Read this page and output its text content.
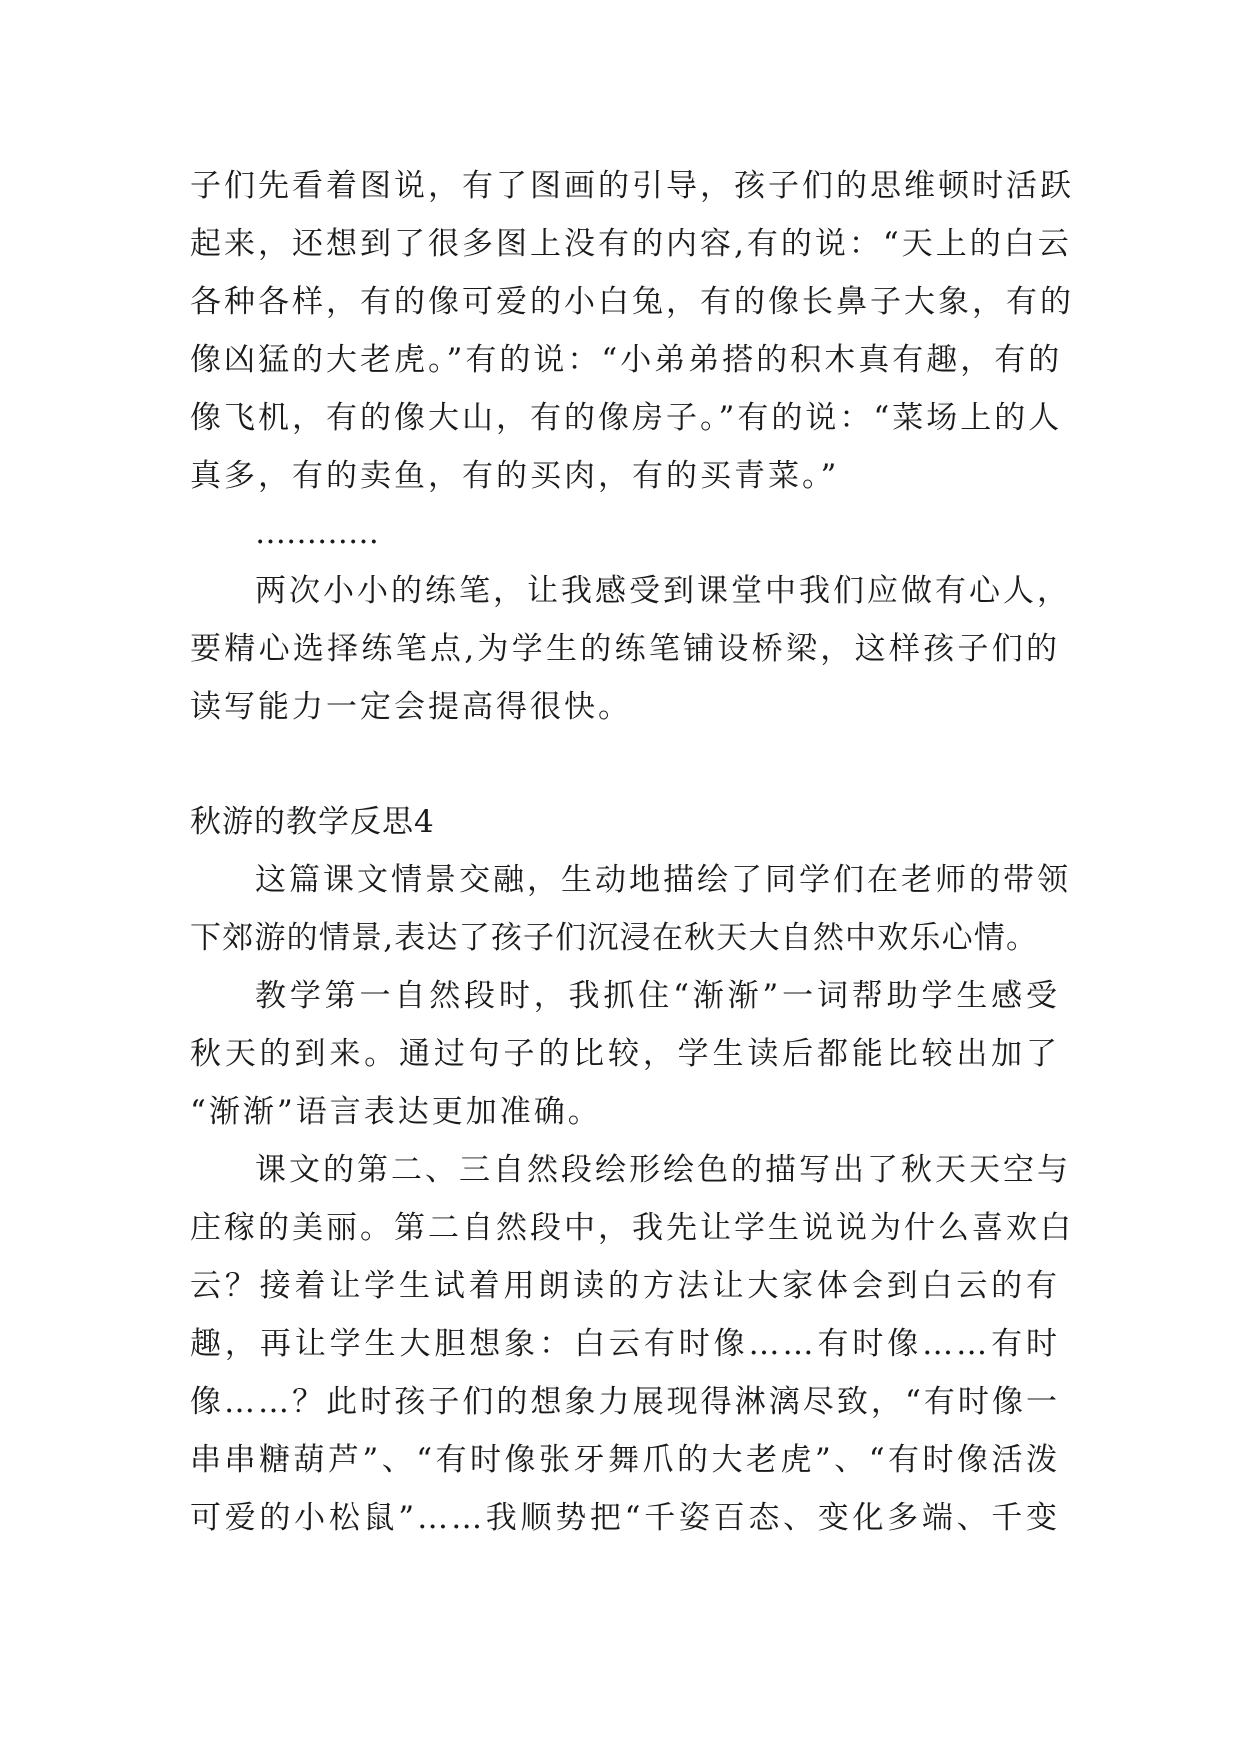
子们先看着图说，有了图画的引导，孩子们的思维顿时活跃
起来，还想到了很多图上没有的内容,有的说：“天上的白云
各种各样，有的像可爱的小白兔，有的像长鼻子大象，有的
像凶猛的大老虎。”有的说：“小弟弟搭的积木真有趣，有的
像飞机，有的像大山，有的像房子。”有的说：“菜场上的人
真多，有的卖鱼，有的买肉，有的买青菜。”
…………
两次小小的练笔，让我感受到课堂中我们应做有心人，
要精心选择练笔点,为学生的练笔铺设桥梁，这样孩子们的
读写能力一定会提高得很快。
秋游的教学反思4
这篇课文情景交融，生动地描绘了同学们在老师的带领
下郊游的情景,表达了孩子们沉浸在秋天大自然中欢乐心情。
教学第一自然段时，我抓住“渐渐”一词帮助学生感受
秋天的到来。通过句子的比较，学生读后都能比较出加了
“渐渐”语言表达更加准确。
课文的第二、三自然段绘形绘色的描写出了秋天天空与
庄稼的美丽。第二自然段中，我先让学生说说为什么喜欢白
云？接着让学生试着用朗读的方法让大家体会到白云的有
趣，再让学生大胆想象：白云有时像……有时像……有时
像……？此时孩子们的想象力展现得淋漓尽致，“有时像一
串串糖葫芦”、“有时像张牙舞爪的大老虎”、“有时像活泼
可爱的小松鼠”……我顺势把“千姿百态、变化多端、千变
